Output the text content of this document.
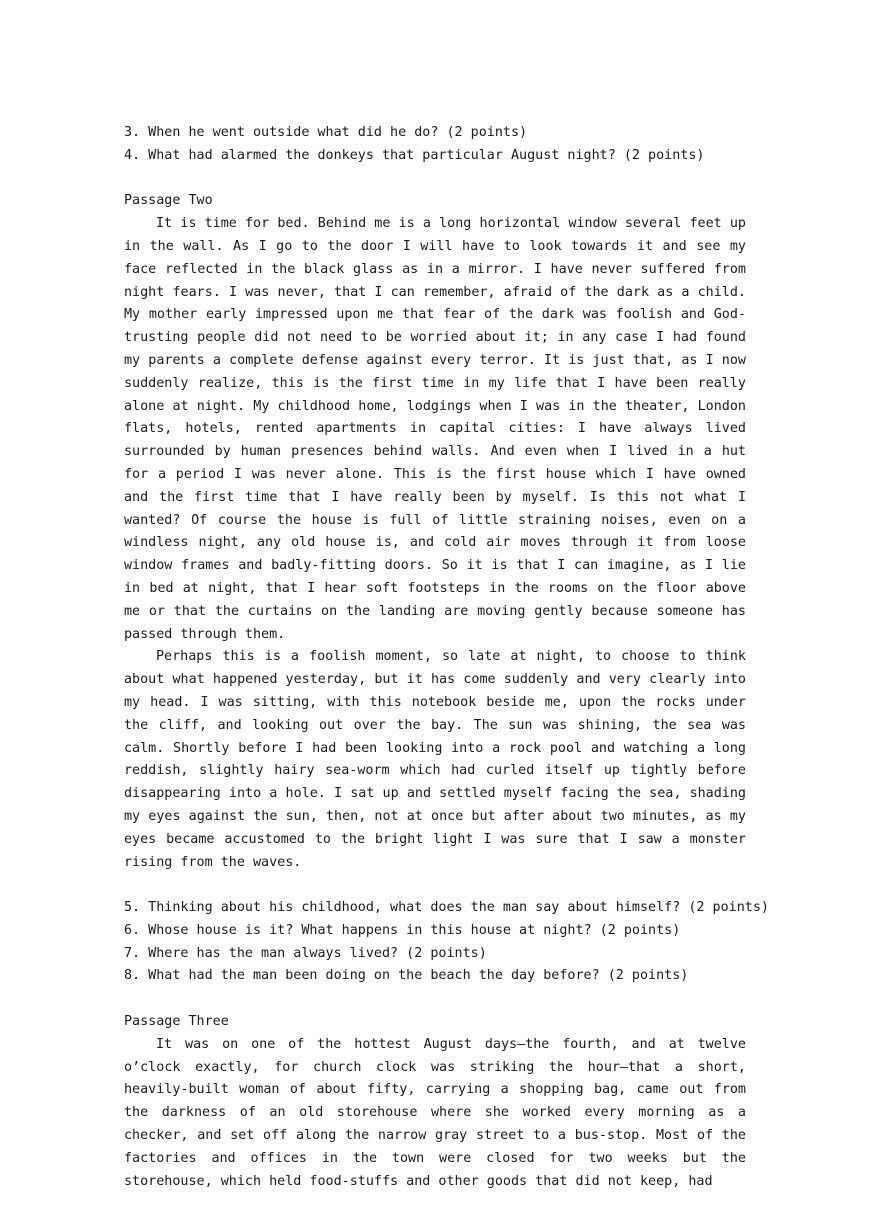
3. When he went outside what did he do? (2 points)

4. What had alarmed the donkeys that particular August night? (2 points)

Passage Two

It is time for bed. Behind me is a long horizontal window several feet up in the wall. As I go to the door I will have to look towards it and see my face reflected in the black glass as in a mirror. I have never suffered from night fears. I was never, that I can remember, afraid of the dark as a child. My mother early impressed upon me that fear of the dark was foolish and God-trusting people did not need to be worried about it; in any case I had found my parents a complete defense against every terror. It is just that, as I now suddenly realize, this is the first time in my life that I have been really alone at night. My childhood home, lodgings when I was in the theater, London flats, hotels, rented apartments in capital cities: I have always lived surrounded by human presences behind walls. And even when I lived in a hut for a period I was never alone. This is the first house which I have owned and the first time that I have really been by myself. Is this not what I wanted? Of course the house is full of little straining noises, even on a windless night, any old house is, and cold air moves through it from loose window frames and badly-fitting doors. So it is that I can imagine, as I lie in bed at night, that I hear soft footsteps in the rooms on the floor above me or that the curtains on the landing are moving gently because someone has passed through them.

Perhaps this is a foolish moment, so late at night, to choose to think about what happened yesterday, but it has come suddenly and very clearly into my head. I was sitting, with this notebook beside me, upon the rocks under the cliff, and looking out over the bay. The sun was shining, the sea was calm. Shortly before I had been looking into a rock pool and watching a long reddish, slightly hairy sea-worm which had curled itself up tightly before disappearing into a hole. I sat up and settled myself facing the sea, shading my eyes against the sun, then, not at once but after about two minutes, as my eyes became accustomed to the bright light I was sure that I saw a monster rising from the waves.

5. Thinking about his childhood, what does the man say about himself? (2 points)

6. Whose house is it? What happens in this house at night? (2 points)

7. Where has the man always lived? (2 points)

8. What had the man been doing on the beach the day before? (2 points)

Passage Three

It was on one of the hottest August days—the fourth, and at twelve o’clock exactly, for church clock was striking the hour—that a short, heavily-built woman of about fifty, carrying a shopping bag, came out from the darkness of an old storehouse where she worked every morning as a checker, and set off along the narrow gray street to a bus-stop. Most of the factories and offices in the town were closed for two weeks but the storehouse, which held food-stuffs and other goods that did not keep, had
